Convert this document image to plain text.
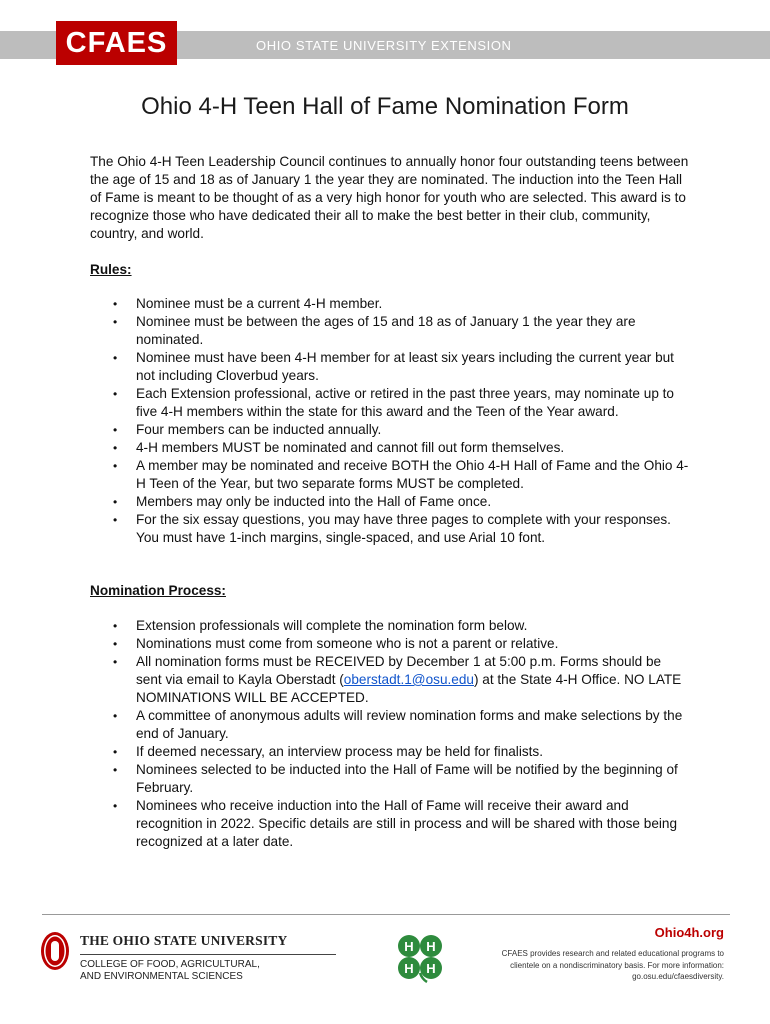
CFAES	OHIO STATE UNIVERSITY EXTENSION
Ohio 4-H Teen Hall of Fame Nomination Form

The Ohio 4-H Teen Leadership Council continues to annually honor four outstanding teens between the age of 15 and 18 as of January 1 the year they are nominated. The induction into the Teen Hall of Fame is meant to be thought of as a very high honor for youth who are selected. This award is to recognize those who have dedicated their all to make the best better in their club, community, country, and world.

Rules:

• Nominee must be a current 4-H member.
• Nominee must be between the ages of 15 and 18 as of January 1 the year they are nominated.
• Nominee must have been 4-H member for at least six years including the current year but not including Cloverbud years.
• Each Extension professional, active or retired in the past three years, may nominate up to five 4-H members within the state for this award and the Teen of the Year award.
• Four members can be inducted annually.
• 4-H members MUST be nominated and cannot fill out form themselves.
• A member may be nominated and receive BOTH the Ohio 4-H Hall of Fame and the Ohio 4-H Teen of the Year, but two separate forms MUST be completed.
• Members may only be inducted into the Hall of Fame once.
• For the six essay questions, you may have three pages to complete with your responses. You must have 1-inch margins, single-spaced, and use Arial 10 font.

Nomination Process:

• Extension professionals will complete the nomination form below.
• Nominations must come from someone who is not a parent or relative.
• All nomination forms must be RECEIVED by December 1 at 5:00 p.m. Forms should be sent via email to Kayla Oberstadt (oberstadt.1@osu.edu) at the State 4-H Office. NO LATE NOMINATIONS WILL BE ACCEPTED.
• A committee of anonymous adults will review nomination forms and make selections by the end of January.
• If deemed necessary, an interview process may be held for finalists.
• Nominees selected to be inducted into the Hall of Fame will be notified by the beginning of February.
• Nominees who receive induction into the Hall of Fame will receive their award and recognition in 2022. Specific details are still in process and will be shared with those being recognized at a later date.
THE OHIO STATE UNIVERSITY
COLLEGE OF FOOD, AGRICULTURAL,
AND ENVIRONMENTAL SCIENCES
H H
H H
Ohio4h.org
CFAES provides research and related educational programs to clientele on a nondiscriminatory basis. For more information: go.osu.edu/cfaesdiversity.
